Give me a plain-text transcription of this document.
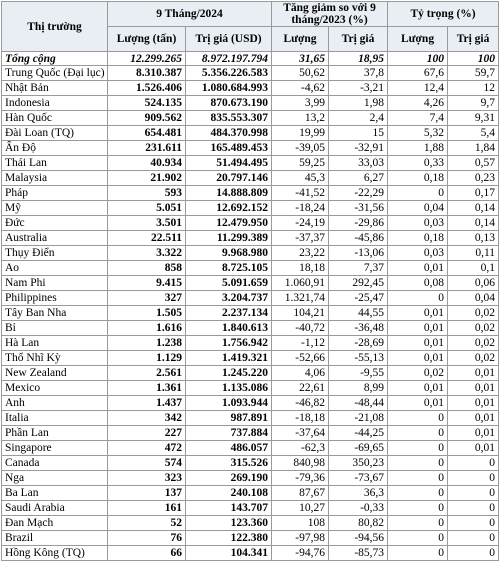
Thị trường	9 Tháng/2024		Tăng giảm so với 9 tháng/2023 (%)		Tỷ trọng (%)	
	Lượng (tấn)	Trị giá (USD)	Lượng	Trị giá	Lượng	Trị giá
Tổng cộng	12.299.265	8.972.197.794	31,65	18,95	100	100
Trung Quốc (Đại lục)	8.310.387	5.356.226.583	50,62	37,8	67,6	59,7
Nhật Bản	1.526.406	1.080.684.993	-4,62	-3,21	12,4	12
Indonesia	524.135	870.673.190	3,99	1,98	4,26	9,7
Hàn Quốc	909.562	835.553.307	13,2	2,4	7,4	9,31
Đài Loan (TQ)	654.481	484.370.998	19,99	15	5,32	5,4
Ấn Độ	231.611	165.489.453	-39,05	-32,91	1,88	1,84
Thái Lan	40.934	51.494.495	59,25	33,03	0,33	0,57
Malaysia	21.902	20.797.146	45,3	6,27	0,18	0,23
Pháp	593	14.888.809	-41,52	-22,29	0	0,17
Mỹ	5.051	12.692.152	-18,24	-31,56	0,04	0,14
Đức	3.501	12.479.950	-24,19	-29,86	0,03	0,14
Australia	22.511	11.299.389	-37,37	-45,86	0,18	0,13
Thụy Điển	3.322	9.968.980	23,22	-13,06	0,03	0,11
Ao	858	8.725.105	18,18	7,37	0,01	0,1
Nam Phi	9.415	5.091.659	1.060,91	292,45	0,08	0,06
Philippines	327	3.204.737	1.321,74	-25,47	0	0,04
Tây Ban Nha	1.505	2.237.134	104,21	44,55	0,01	0,02
Bỉ	1.616	1.840.613	-40,72	-36,48	0,01	0,02
Hà Lan	1.238	1.756.942	-1,12	-28,69	0,01	0,02
Thổ Nhĩ Kỳ	1.129	1.419.321	-52,66	-55,13	0,01	0,02
New Zealand	2.561	1.245.220	4,06	-9,55	0,02	0,01
Mexico	1.361	1.135.086	22,61	8,99	0,01	0,01
Anh	1.437	1.093.944	-46,82	-48,44	0,01	0,01
Italia	342	987.891	-18,18	-21,08	0	0,01
Phần Lan	227	737.884	-37,64	-44,25	0	0,01
Singapore	472	486.057	-62,3	-69,65	0	0,01
Canada	574	315.526	840,98	350,23	0	0
Nga	323	269.190	-79,36	-73,67	0	0
Ba Lan	137	240.108	87,67	36,3	0	0
Saudi Arabia	161	143.707	10,27	-0,33	0	0
Đan Mạch	52	123.360	108	80,82	0	0
Brazil	76	122.380	-97,98	-94,56	0	0
Hồng Kông (TQ)	66	104.341	-94,76	-85,73	0	0
